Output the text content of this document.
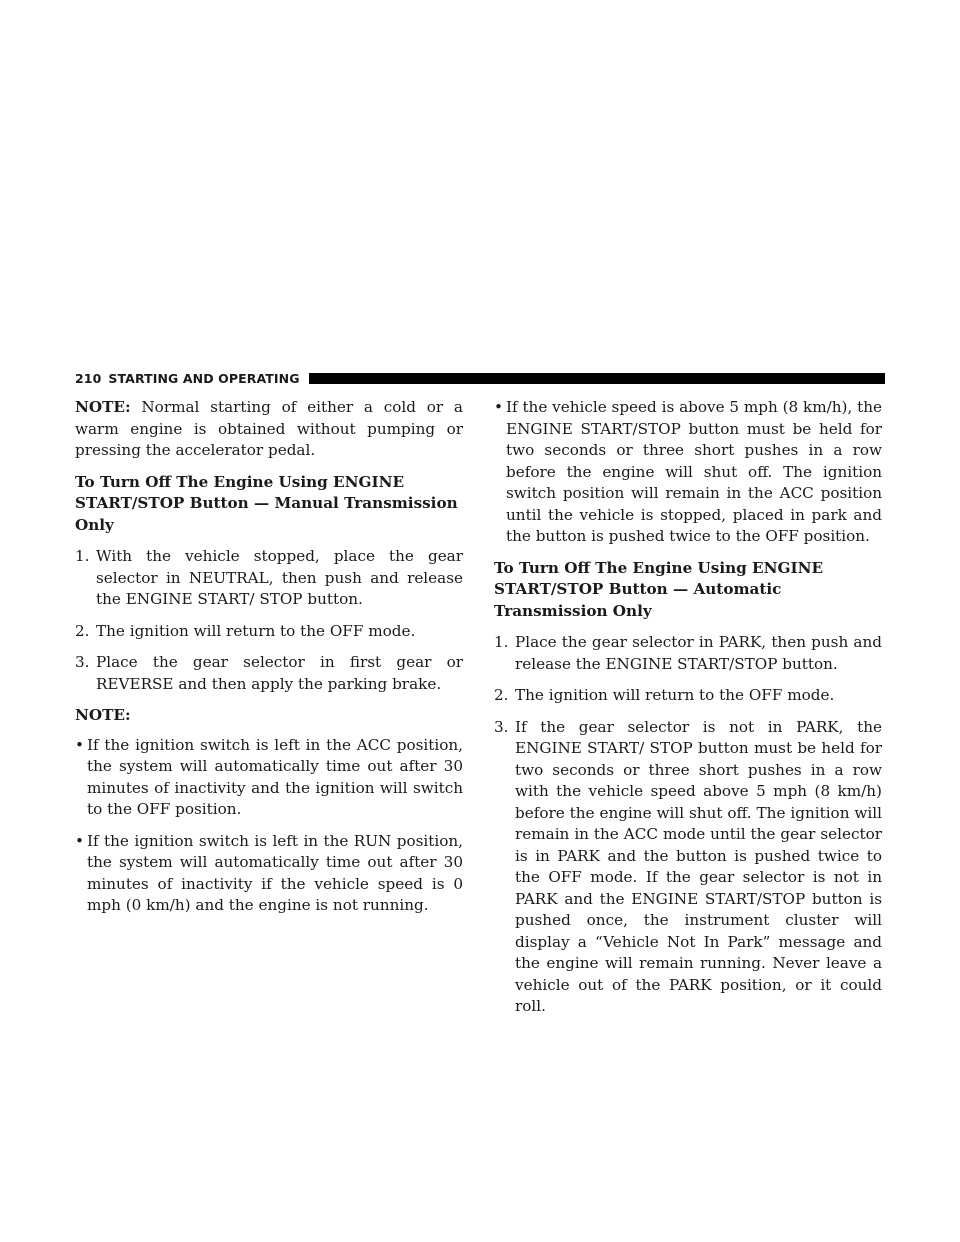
210 STARTING AND OPERATING

NOTE: Normal starting of either a cold or a warm engine is obtained without pumping or pressing the accelerator pedal.

To Turn Off The Engine Using ENGINE START/STOP Button — Manual Transmission Only

1. With the vehicle stopped, place the gear selector in NEUTRAL, then push and release the ENGINE START/ STOP button.
2. The ignition will return to the OFF mode.
3. Place the gear selector in first gear or REVERSE and then apply the parking brake.

NOTE:

• If the ignition switch is left in the ACC position, the system will automatically time out after 30 minutes of inactivity and the ignition will switch to the OFF position.
• If the ignition switch is left in the RUN position, the system will automatically time out after 30 minutes of inactivity if the vehicle speed is 0 mph (0 km/h) and the engine is not running.
• If the vehicle speed is above 5 mph (8 km/h), the ENGINE START/STOP button must be held for two seconds or three short pushes in a row before the engine will shut off. The ignition switch position will remain in the ACC position until the vehicle is stopped, placed in park and the button is pushed twice to the OFF position.

To Turn Off The Engine Using ENGINE START/STOP Button — Automatic Transmission Only

1. Place the gear selector in PARK, then push and release the ENGINE START/STOP button.
2. The ignition will return to the OFF mode.
3. If the gear selector is not in PARK, the ENGINE START/ STOP button must be held for two seconds or three short pushes in a row with the vehicle speed above 5 mph (8 km/h) before the engine will shut off. The ignition will remain in the ACC mode until the gear selector is in PARK and the button is pushed twice to the OFF mode. If the gear selector is not in PARK and the ENGINE START/STOP button is pushed once, the instrument cluster will display a “Vehicle Not In Park” message and the engine will remain running. Never leave a vehicle out of the PARK position, or it could roll.
